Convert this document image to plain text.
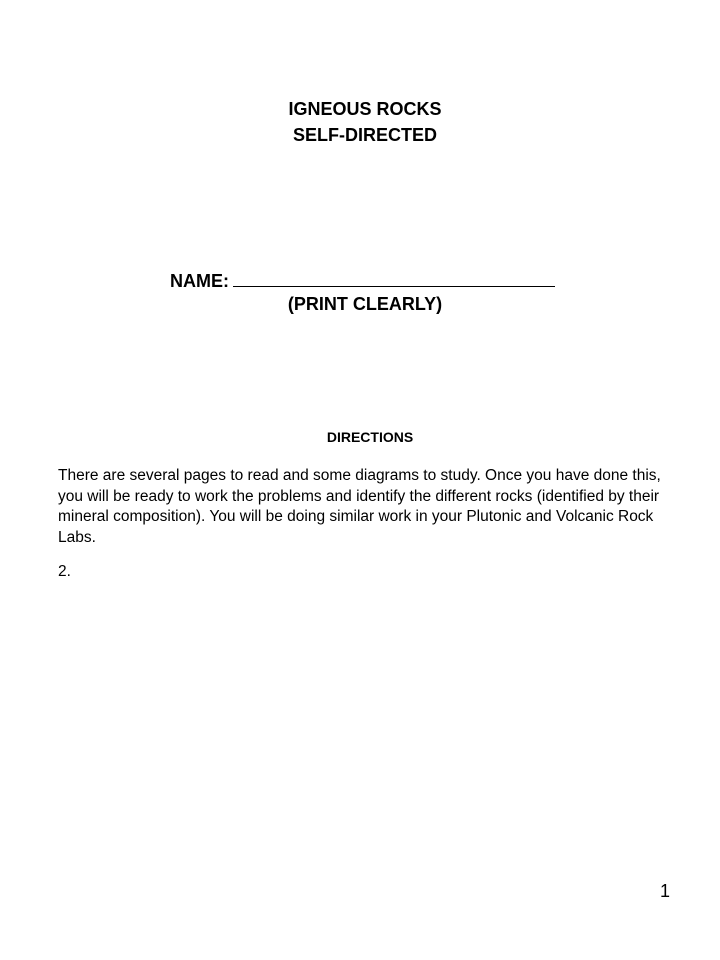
IGNEOUS ROCKS
SELF-DIRECTED
NAME:
(PRINT CLEARLY)
DIRECTIONS

There are several pages to read and some diagrams to study. Once you have done this, you will be ready to work the problems and identify the different rocks (identified by their mineral composition). You will be doing similar work in your Plutonic and Volcanic Rock Labs.

2.
1
